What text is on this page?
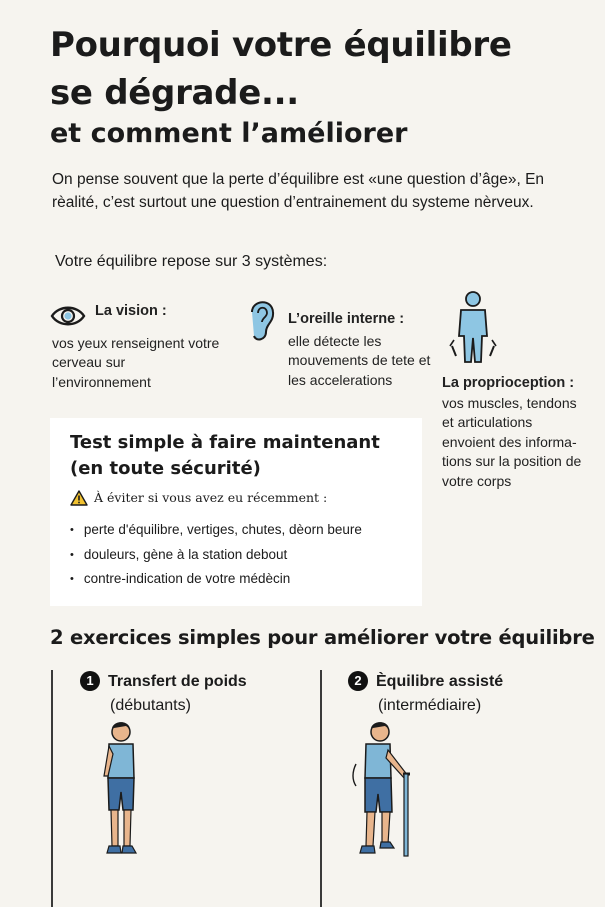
Pourquoi votre équilibre
se dégrade...
et comment l’améliorer
On pense souvent que la perte d’équilibre est «une question d’âge», En rèalité, c’est surtout une question d’entrainement du systeme nèrveux.
Votre équilibre repose sur 3 systèmes:
La vision :
vos yeux renseignent votre cerveau sur l’environnement
L’oreille interne :
elle détecte les mouvements de tete et les accelerations	La proprioception :
vos muscles, tendons et articulations envoient des informa-tions sur la position de votre corps
Test simple à faire maintenant
(en toute sécurité)
À éviter si vous avez eu récemment :
• perte d'équilibre, vertiges, chutes, dèorn beure
• douleurs, gène à la station debout
• contre-indication de votre médècin
2 exercices simples pour améliorer votre équilibre
1 Transfert de poids
(débutants)
2 Èquilibre assisté
(intermédiaire)
